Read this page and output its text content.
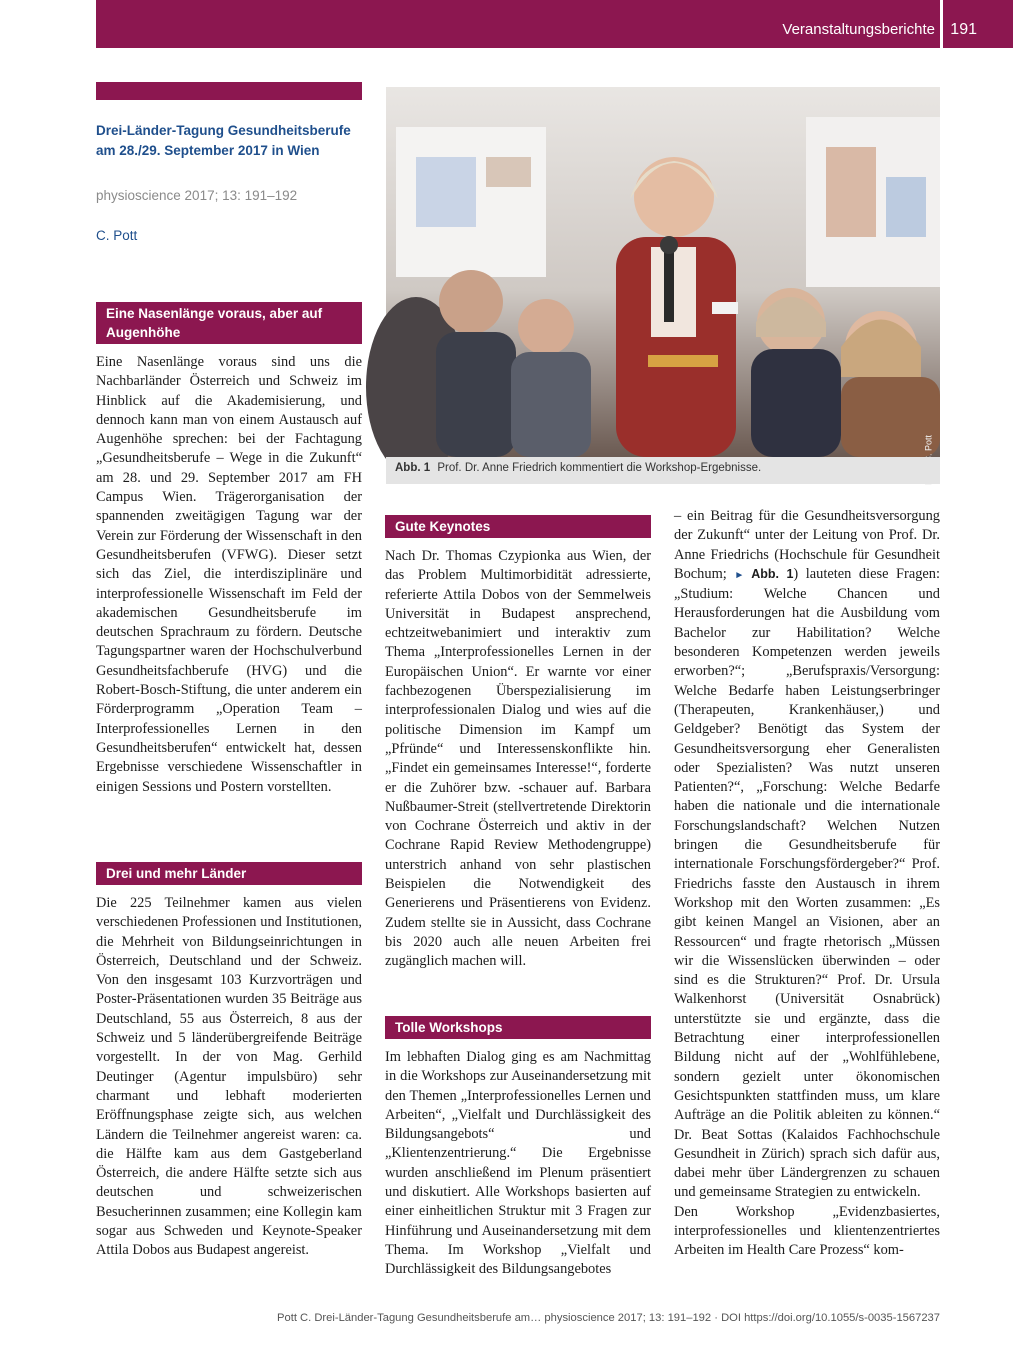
Veranstaltungsberichte 191
Drei-Länder-Tagung Gesundheitsberufe
am 28./29. September 2017 in Wien
physioscience 2017; 13: 191–192
C. Pott
Eine Nasenlänge voraus, aber auf Augenhöhe

Eine Nasenlänge voraus sind uns die Nachbarländer Österreich und Schweiz im Hinblick auf die Akademisierung, und dennoch kann man von einem Austausch auf Augenhöhe sprechen: bei der Fachtagung „Gesundheitsberufe – Wege in die Zukunft“ am 28. und 29. September 2017 am FH Campus Wien. Trägerorganisation der spannenden zweitägigen Tagung war der Verein zur Förderung der Wissenschaft in den Gesundheitsberufen (VFWG). Dieser setzt sich das Ziel, die interdisziplinäre und interprofessionelle Wissenschaft im Feld der akademischen Gesundheitsberufe im deutschen Sprachraum zu fördern. Deutsche Tagungspartner waren der Hochschulverbund Gesundheitsfachberufe (HVG) und die Robert-Bosch-Stiftung, die unter anderem ein Förderprogramm „Operation Team – Interprofessionelles Lernen in den Gesundheitsberufen“ entwickelt hat, dessen Ergebnisse verschiedene Wissenschaftler in einigen Sessions und Postern vorstellten.

Drei und mehr Länder

Die 225 Teilnehmer kamen aus vielen verschiedenen Professionen und Institutionen, die Mehrheit von Bildungseinrichtungen in Österreich, Deutschland und der Schweiz. Von den insgesamt 103 Kurzvorträgen und Poster-Präsentationen wurden 35 Beiträge aus Deutschland, 55 aus Österreich, 8 aus der Schweiz und 5 länderübergreifende Beiträge vorgestellt. In der von Mag. Gerhild Deutinger (Agentur impulsbüro) sehr charmant und lebhaft moderierten Eröffnungsphase zeigte sich, aus welchen Ländern die Teilnehmer angereist waren: ca. die Hälfte kam aus dem Gastgeberland Österreich, die andere Hälfte setzte sich aus deutschen und schweizerischen Besucherinnen zusammen; eine Kollegin kam sogar aus Schweden und Keynote-Speaker Attila Dobos aus Budapest angereist.

Abb. 1 Prof. Dr. Anne Friedrich kommentiert die Workshop-Ergebnisse.
Gute Keynotes

Nach Dr. Thomas Czypionka aus Wien, der das Problem Multimorbidität adressierte, referierte Attila Dobos von der Semmelweis Universität in Budapest ansprechend, echtzeitwebanimiert und interaktiv zum Thema „Interprofessionelles Lernen in der Europäischen Union“. Er warnte vor einer fachbezogenen Überspezialisierung im interprofessionalen Dialog und wies auf die politische Dimension im Kampf um „Pfründe“ und Interessenskonflikte hin. „Findet ein gemeinsames Interesse!“, forderte er die Zuhörer bzw. -schauer auf. Barbara Nußbaumer-Streit (stellvertretende Direktorin von Cochrane Österreich und aktiv in der Cochrane Rapid Review Methodengruppe) unterstrich anhand von sehr plastischen Beispielen die Notwendigkeit des Generierens und Präsentierens von Evidenz. Zudem stellte sie in Aussicht, dass Cochrane bis 2020 auch alle neuen Arbeiten frei zugänglich machen will.

Tolle Workshops

Im lebhaften Dialog ging es am Nachmittag in die Workshops zur Auseinandersetzung mit den Themen „Interprofessionelles Lernen und Arbeiten“, „Vielfalt und Durchlässigkeit des Bildungsangebots“ und „Klientenzentrierung.“ Die Ergebnisse wurden anschließend im Plenum präsentiert und diskutiert. Alle Workshops basierten auf einer einheitlichen Struktur mit 3 Fragen zur Hinführung und Auseinandersetzung mit dem Thema. Im Workshop „Vielfalt und Durchlässigkeit des Bildungsangebotes

– ein Beitrag für die Gesundheitsversorgung der Zukunft“ unter der Leitung von Prof. Dr. Anne Friedrichs (Hochschule für Gesundheit Bochum; ► Abb. 1) lauteten diese Fragen: „Studium: Welche Chancen und Herausforderungen hat die Ausbildung vom Bachelor zur Habilitation? Welche besonderen Kompetenzen werden jeweils erworben?“; „Berufspraxis/Versorgung: Welche Bedarfe haben Leistungserbringer (Therapeuten, Krankenhäuser,) und Geldgeber? Benötigt das System der Gesundheitsversorgung eher Generalisten oder Spezialisten? Was nutzt unseren Patienten?“, „Forschung: Welche Bedarfe haben die nationale und die internationale Forschungslandschaft? Welchen Nutzen bringen die Gesundheitsberufe für internationale Forschungsfördergeber?“ Prof. Friedrichs fasste den Austausch in ihrem Workshop mit den Worten zusammen: „Es gibt keinen Mangel an Visionen, aber an Ressourcen“ und fragte rhetorisch „Müssen wir die Wissenslücken überwinden – oder sind es die Strukturen?“ Prof. Dr. Ursula Walkenhorst (Universität Osnabrück) unterstützte sie und ergänzte, dass die Betrachtung einer interprofessionellen Bildung nicht auf der „Wohlfühlebene, sondern gezielt unter ökonomischen Gesichtspunkten stattfinden muss, um klare Aufträge an die Politik ableiten zu können.“ Dr. Beat Sottas (Kalaidos Fachhochschule Gesundheit in Zürich) sprach sich dafür aus, dabei mehr über Ländergrenzen zu schauen und gemeinsame Strategien zu entwickeln.

Den Workshop „Evidenzbasiertes, interprofessionelles und klientenzentriertes Arbeiten im Health Care Prozess“ kom-

Pott C. Drei-Länder-Tagung Gesundheitsberufe am… physioscience 2017; 13: 191–192 · DOI https://doi.org/10.1055/s-0035-1567237
